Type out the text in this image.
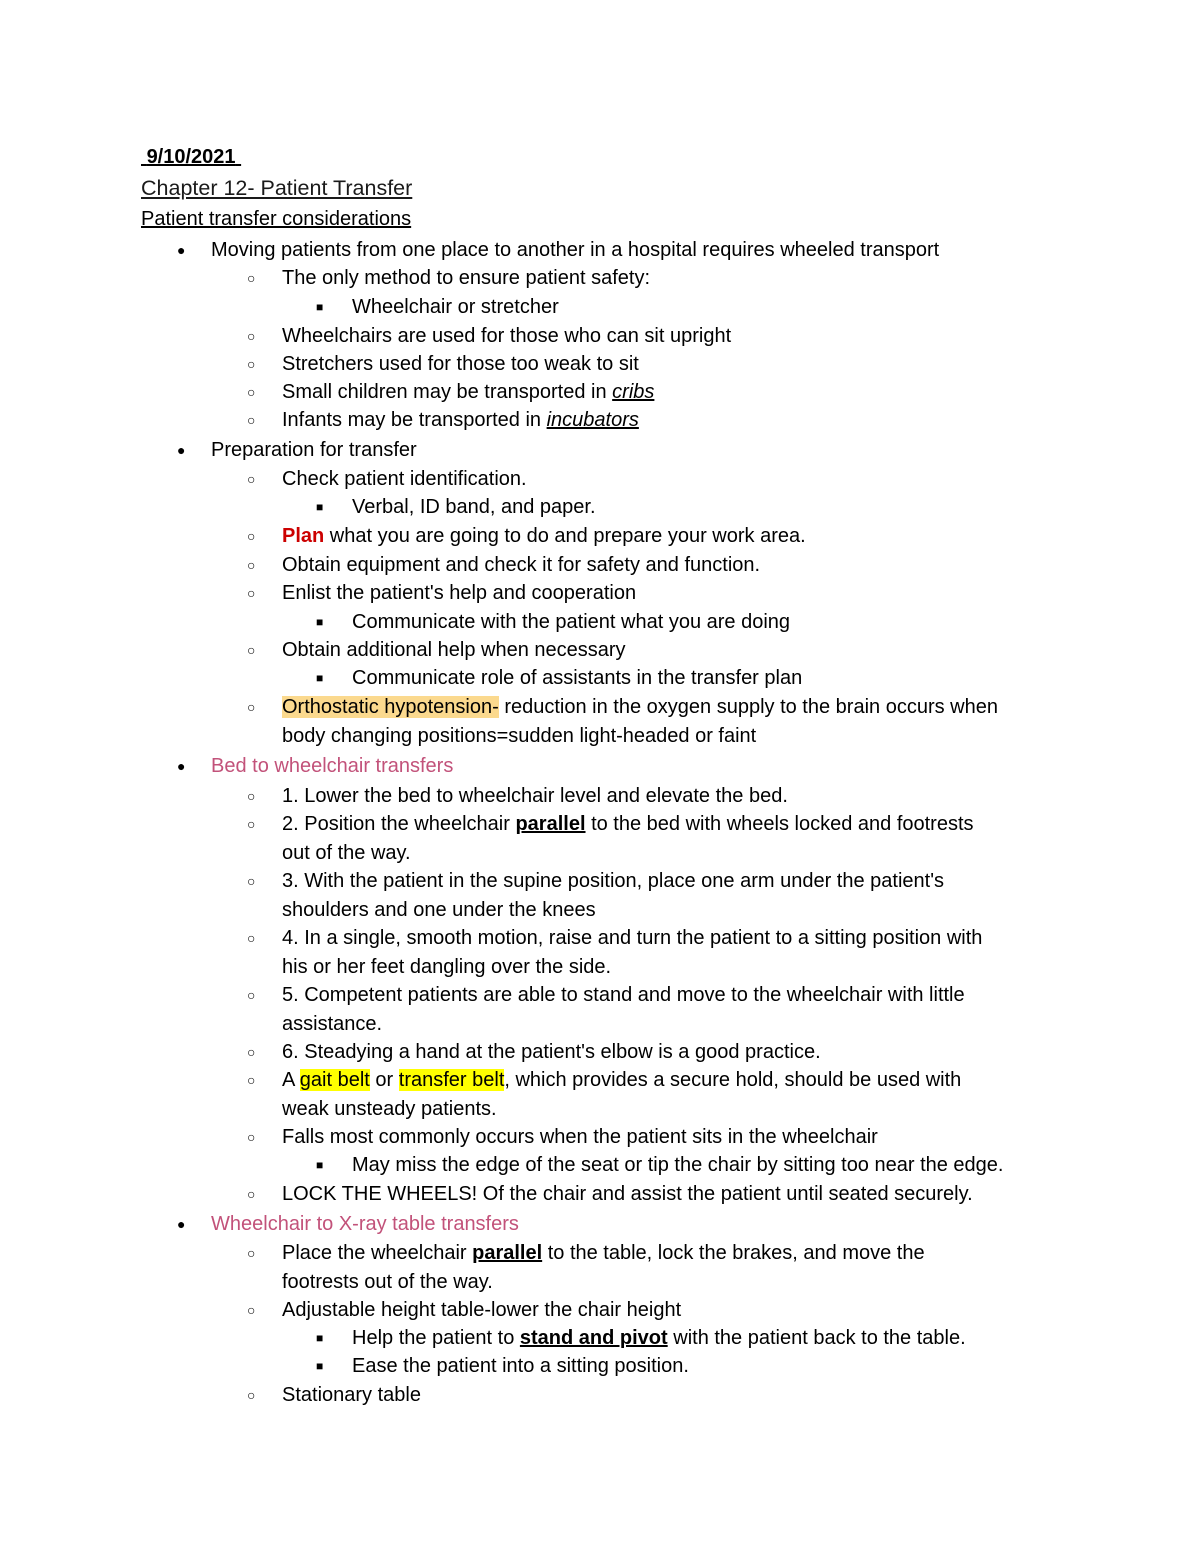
9/10/2021
Chapter 12- Patient Transfer
Patient transfer considerations
● Moving patients from one place to another in a hospital requires wheeled transport
○ The only method to ensure patient safety:
■ Wheelchair or stretcher
○ Wheelchairs are used for those who can sit upright
○ Stretchers used for those too weak to sit
○ Small children may be transported in cribs
○ Infants may be transported in incubators
● Preparation for transfer
○ Check patient identification.
■ Verbal, ID band, and paper.
○ Plan what you are going to do and prepare your work area.
○ Obtain equipment and check it for safety and function.
○ Enlist the patient's help and cooperation
■ Communicate with the patient what you are doing
○ Obtain additional help when necessary
■ Communicate role of assistants in the transfer plan
○ Orthostatic hypotension- reduction in the oxygen supply to the brain occurs when
body changing positions=sudden light-headed or faint
● Bed to wheelchair transfers
○ 1. Lower the bed to wheelchair level and elevate the bed.
○ 2. Position the wheelchair parallel to the bed with wheels locked and footrests
out of the way.
○ 3. With the patient in the supine position, place one arm under the patient's
shoulders and one under the knees
○ 4. In a single, smooth motion, raise and turn the patient to a sitting position with
his or her feet dangling over the side.
○ 5. Competent patients are able to stand and move to the wheelchair with little
assistance.
○ 6. Steadying a hand at the patient's elbow is a good practice.
○ A gait belt or transfer belt, which provides a secure hold, should be used with
weak unsteady patients.
○ Falls most commonly occurs when the patient sits in the wheelchair
■ May miss the edge of the seat or tip the chair by sitting too near the edge.
○ LOCK THE WHEELS! Of the chair and assist the patient until seated securely.
● Wheelchair to X-ray table transfers
○ Place the wheelchair parallel to the table, lock the brakes, and move the
footrests out of the way.
○ Adjustable height table-lower the chair height
■ Help the patient to stand and pivot with the patient back to the table.
■ Ease the patient into a sitting position.
○ Stationary table
